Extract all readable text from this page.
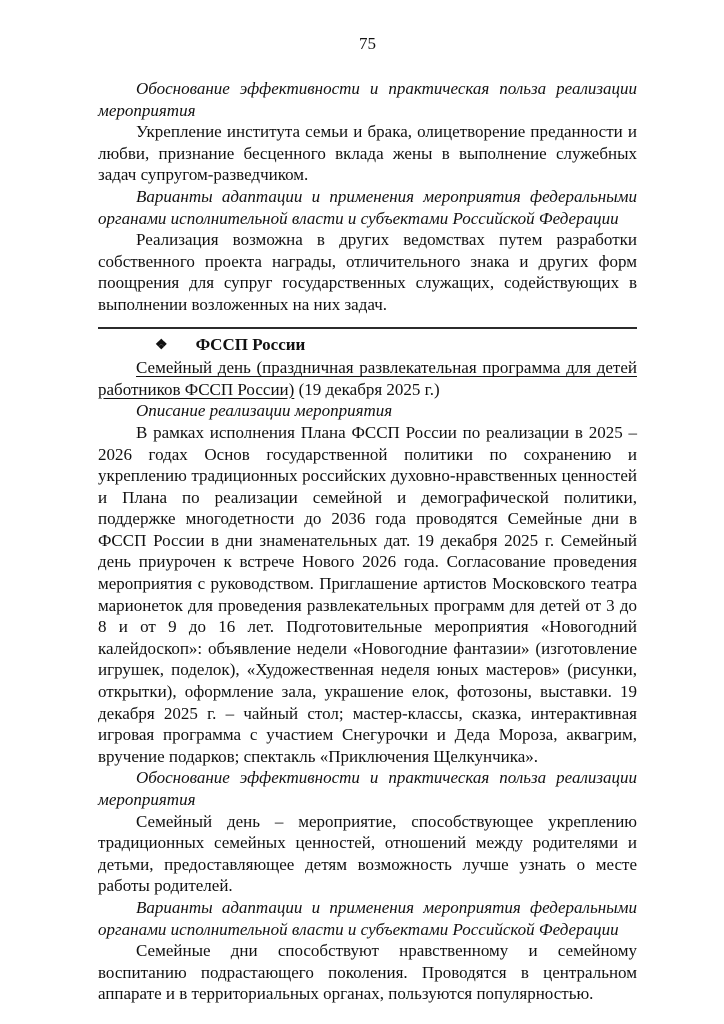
75

Обоснование эффективности и практическая польза реализации мероприятия

Укрепление института семьи и брака, олицетворение преданности и любви, признание бесценного вклада жены в выполнение служебных задач супругом-разведчиком.

Варианты адаптации и применения мероприятия федеральными органами исполнительной власти и субъектами Российской Федерации

Реализация возможна в других ведомствах путем разработки собственного проекта награды, отличительного знака и других форм поощрения для супруг государственных служащих, содействующих в выполнении возложенных на них задач.

❖ ФССП России

Семейный день (праздничная развлекательная программа для детей работников ФССП России) (19 декабря 2025 г.)

Описание реализации мероприятия

В рамках исполнения Плана ФССП России по реализации в 2025 – 2026 годах Основ государственной политики по сохранению и укреплению традиционных российских духовно-нравственных ценностей и Плана по реализации семейной и демографической политики, поддержке многодетности до 2036 года проводятся Семейные дни в ФССП России в дни знаменательных дат. 19 декабря 2025 г. Семейный день приурочен к встрече Нового 2026 года. Согласование проведения мероприятия с руководством. Приглашение артистов Московского театра марионеток для проведения развлекательных программ для детей от 3 до 8 и от 9 до 16 лет. Подготовительные мероприятия «Новогодний калейдоскоп»: объявление недели «Новогодние фантазии» (изготовление игрушек, поделок), «Художественная неделя юных мастеров» (рисунки, открытки), оформление зала, украшение елок, фотозоны, выставки. 19 декабря 2025 г. – чайный стол; мастер-классы, сказка, интерактивная игровая программа с участием Снегурочки и Деда Мороза, аквагрим, вручение подарков; спектакль «Приключения Щелкунчика».

Обоснование эффективности и практическая польза реализации мероприятия

Семейный день – мероприятие, способствующее укреплению традиционных семейных ценностей, отношений между родителями и детьми, предоставляющее детям возможность лучше узнать о месте работы родителей.

Варианты адаптации и применения мероприятия федеральными органами исполнительной власти и субъектами Российской Федерации

Семейные дни способствуют нравственному и семейному воспитанию подрастающего поколения. Проводятся в центральном аппарате и в территориальных органах, пользуются популярностью.
